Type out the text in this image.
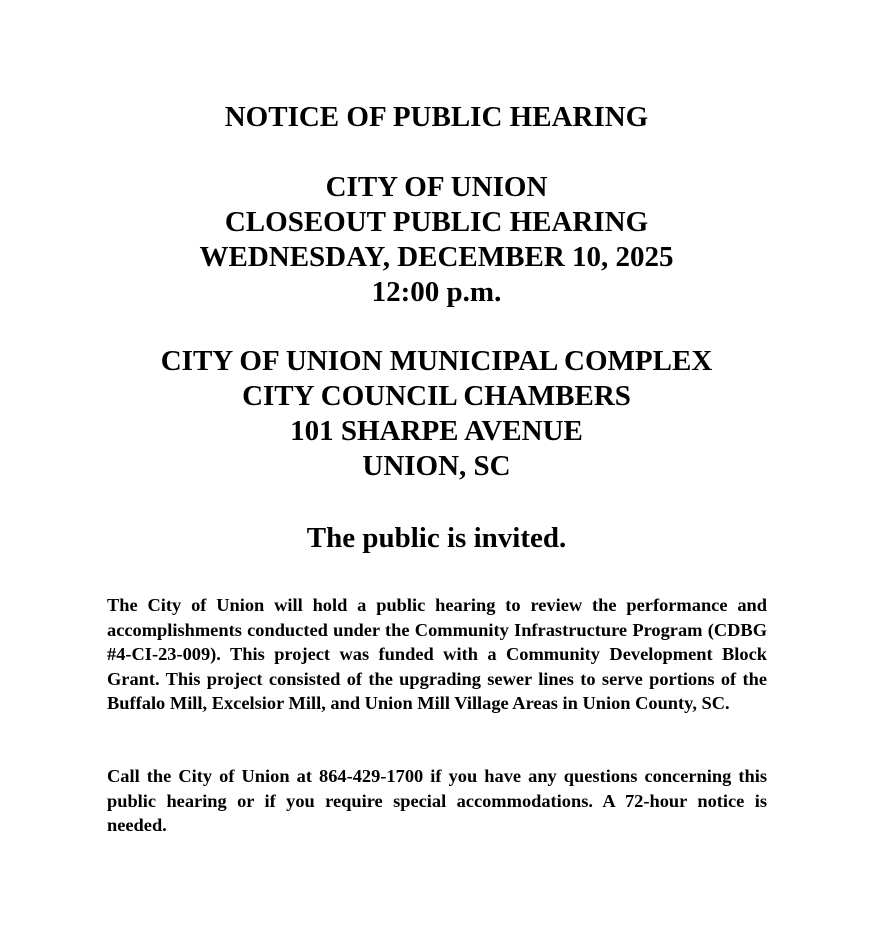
NOTICE OF PUBLIC HEARING

CITY OF UNION

CLOSEOUT PUBLIC HEARING

WEDNESDAY, DECEMBER 10, 2025

12:00 p.m.

CITY OF UNION MUNICIPAL COMPLEX

CITY COUNCIL CHAMBERS

101 SHARPE AVENUE

UNION, SC

The public is invited.

The City of Union will hold a public hearing to review the performance and accomplishments conducted under the Community Infrastructure Program (CDBG #4-CI-23-009). This project was funded with a Community Development Block Grant. This project consisted of the upgrading sewer lines to serve portions of the Buffalo Mill, Excelsior Mill, and Union Mill Village Areas in Union County, SC.

Call the City of Union at 864-429-1700 if you have any questions concerning this public hearing or if you require special accommodations. A 72-hour notice is needed.
